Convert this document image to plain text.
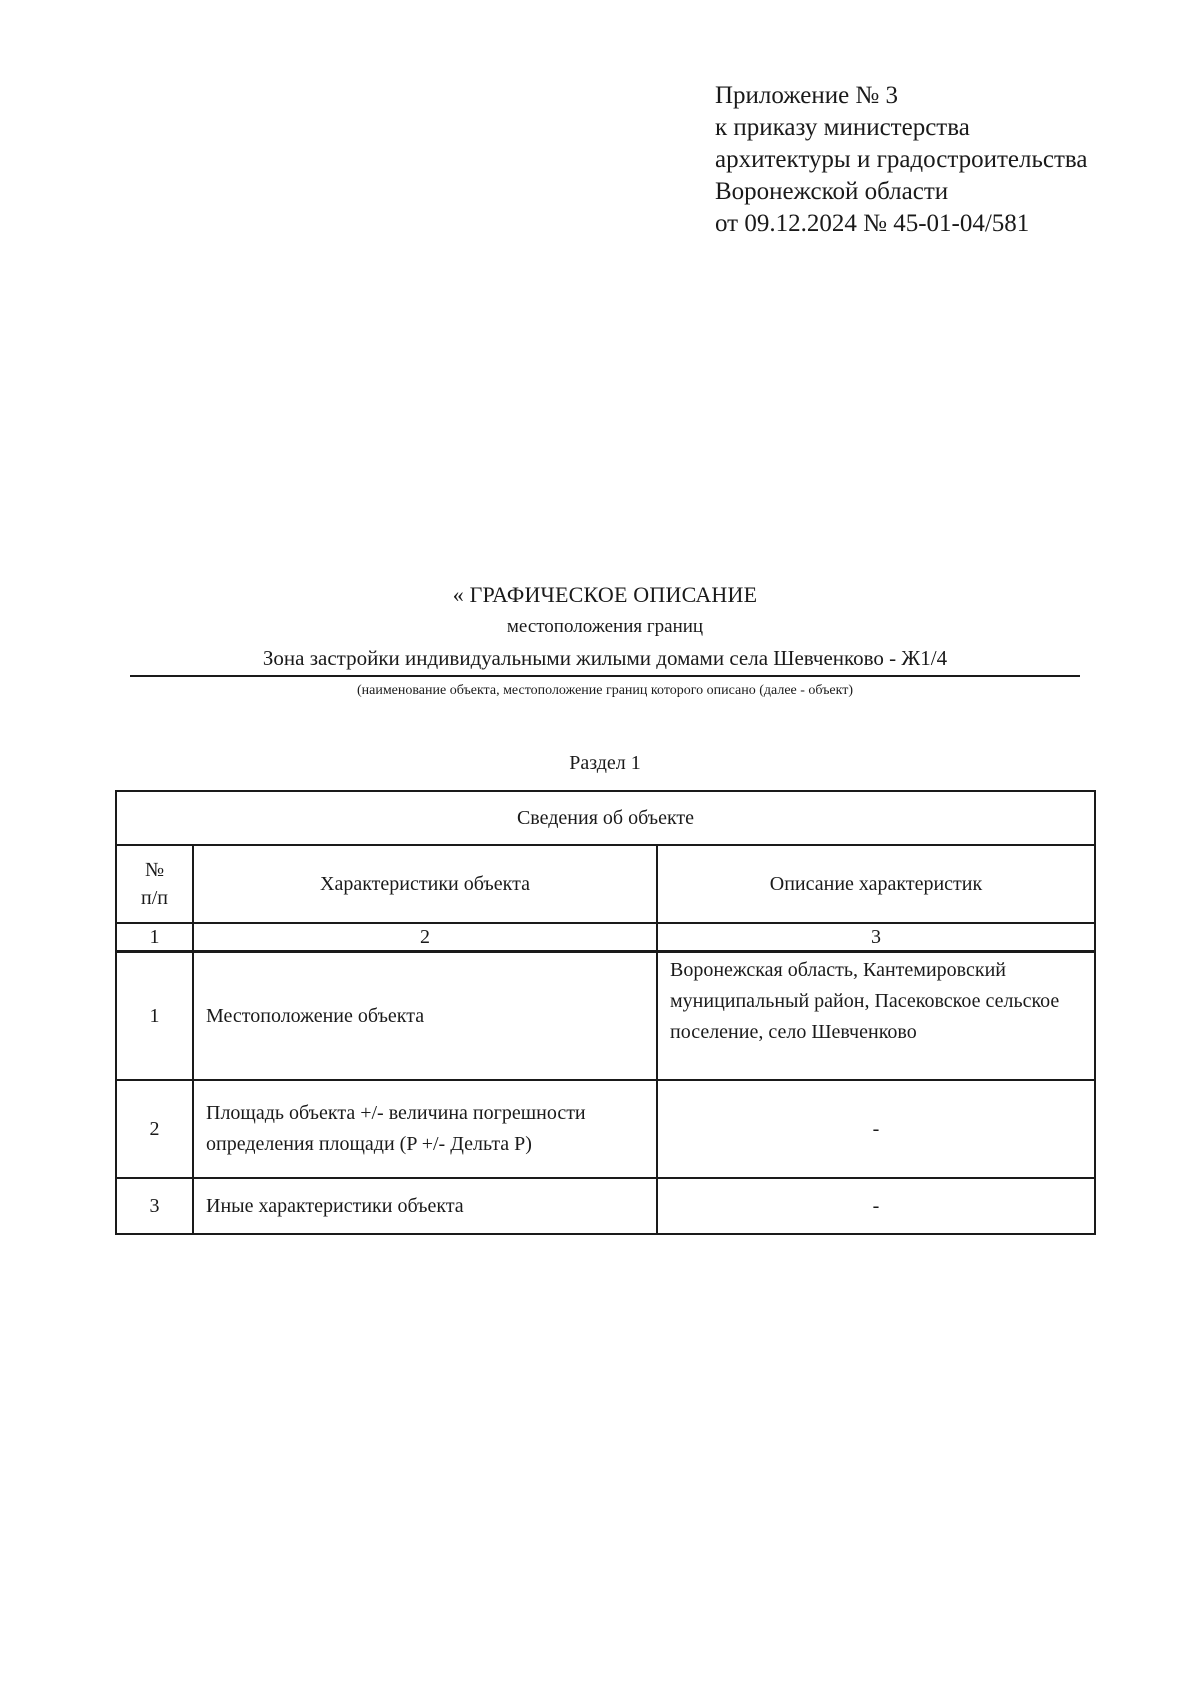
Приложение № 3
к приказу министерства
архитектуры и градостроительства
Воронежской области
от 09.12.2024 № 45-01-04/581
« ГРАФИЧЕСКОЕ ОПИСАНИЕ
местоположения границ
Зона застройки индивидуальными жилыми домами села Шевченково - Ж1/4
(наименование объекта, местоположение границ которого описано (далее - объект)
Раздел 1
Сведения об объекте		

№
п/п	Характеристики объекта	Описание характеристик
1	2	3
1	Местоположение объекта	Воронежская область, Кантемировский муниципальный район, Пасековское сельское поселение, село Шевченково
2	Площадь объекта +/- величина погрешности определения площади (P +/- Дельта P)	-
3	Иные характеристики объекта	-
